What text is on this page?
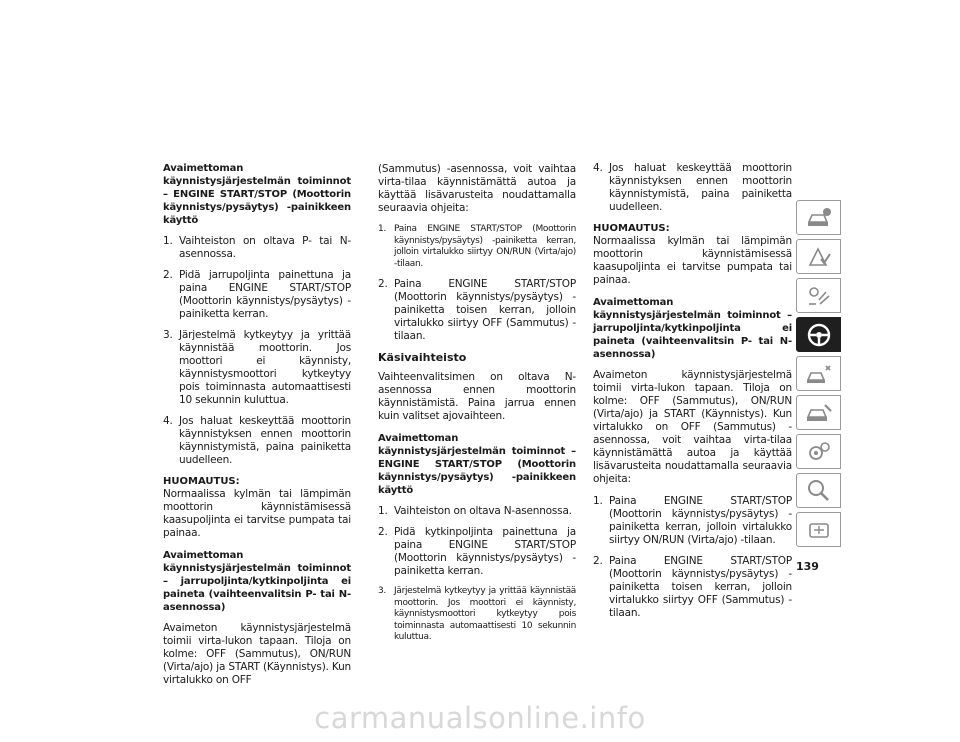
Avaimettoman käynnistysjärjestelmän toiminnot – ENGINE START/STOP (Moottorin käynnistys/pysäytys) -painikkeen käyttö

1. Vaihteiston on oltava P- tai N-asennossa.
2. Pidä jarrupoljinta painettuna ja paina ENGINE START/STOP (Moottorin käynnistys/pysäytys) -painiketta kerran.
3. Järjestelmä kytkeytyy ja yrittää käynnistää moottorin. Jos moottori ei käynnisty, käynnistysmoottori kytkeytyy pois toiminnasta automaattisesti 10 sekunnin kuluttua.
4. Jos haluat keskeyttää moottorin käynnistyksen ennen moottorin käynnistymistä, paina painiketta uudelleen.

HUOMAUTUS:

Normaalissa kylmän tai lämpimän moottorin käynnistämisessä kaasupoljinta ei tarvitse pumpata tai painaa.

Avaimettoman käynnistysjärjestelmän toiminnot – jarrupoljinta/kytkinpoljinta ei paineta (vaihteenvalitsin P- tai N-asennossa)

Avaimeton käynnistysjärjestelmä toimii virta-lukon tapaan. Tiloja on kolme: OFF (Sammutus), ON/RUN (Virta/ajo) ja START (Käynnistys). Kun virtalukko on OFF

(Sammutus) -asennossa, voit vaihtaa virta-tilaa käynnistämättä autoa ja käyttää lisävarusteita noudattamalla seuraavia ohjeita:

1. Paina ENGINE START/STOP (Moottorin käynnistys/pysäytys) -painiketta kerran, jolloin virtalukko siirtyy ON/RUN (Virta/ajo) -tilaan.
2. Paina ENGINE START/STOP (Moottorin käynnistys/pysäytys) -painiketta toisen kerran, jolloin virtalukko siirtyy OFF (Sammutus) -tilaan.

Käsivaihteisto

Vaihteenvalitsimen on oltava N-asennossa ennen moottorin käynnistämistä. Paina jarrua ennen kuin valitset ajovaihteen.

Avaimettoman käynnistysjärjestelmän toiminnot – ENGINE START/STOP (Moottorin käynnistys/pysäytys) -painikkeen käyttö

1. Vaihteiston on oltava N-asennossa.
2. Pidä kytkinpoljinta painettuna ja paina ENGINE START/STOP (Moottorin käynnistys/pysäytys) -painiketta kerran.
3. Järjestelmä kytkeytyy ja yrittää käynnistää moottorin. Jos moottori ei käynnisty, käynnistysmoottori kytkeytyy pois toiminnasta automaattisesti 10 sekunnin kuluttua.
4. Jos haluat keskeyttää moottorin käynnistyksen ennen moottorin käynnistymistä, paina painiketta uudelleen.

HUOMAUTUS:

Normaalissa kylmän tai lämpimän moottorin käynnistämisessä kaasupoljinta ei tarvitse pumpata tai painaa.

Avaimettoman käynnistysjärjestelmän toiminnot – jarrupoljinta/kytkinpoljinta ei paineta (vaihteenvalitsin P- tai N-asennossa)

Avaimeton käynnistysjärjestelmä toimii virta-lukon tapaan. Tiloja on kolme: OFF (Sammutus), ON/RUN (Virta/ajo) ja START (Käynnistys). Kun virtalukko on OFF (Sammutus) -asennossa, voit vaihtaa virta-tilaa käynnistämättä autoa ja käyttää lisävarusteita noudattamalla seuraavia ohjeita:

1. Paina ENGINE START/STOP (Moottorin käynnistys/pysäytys) -painiketta kerran, jolloin virtalukko siirtyy ON/RUN (Virta/ajo) -tilaan.
2. Paina ENGINE START/STOP (Moottorin käynnistys/pysäytys) -painiketta toisen kerran, jolloin virtalukko siirtyy OFF (Sammutus) -tilaan.
139
carmanualsonline.info
